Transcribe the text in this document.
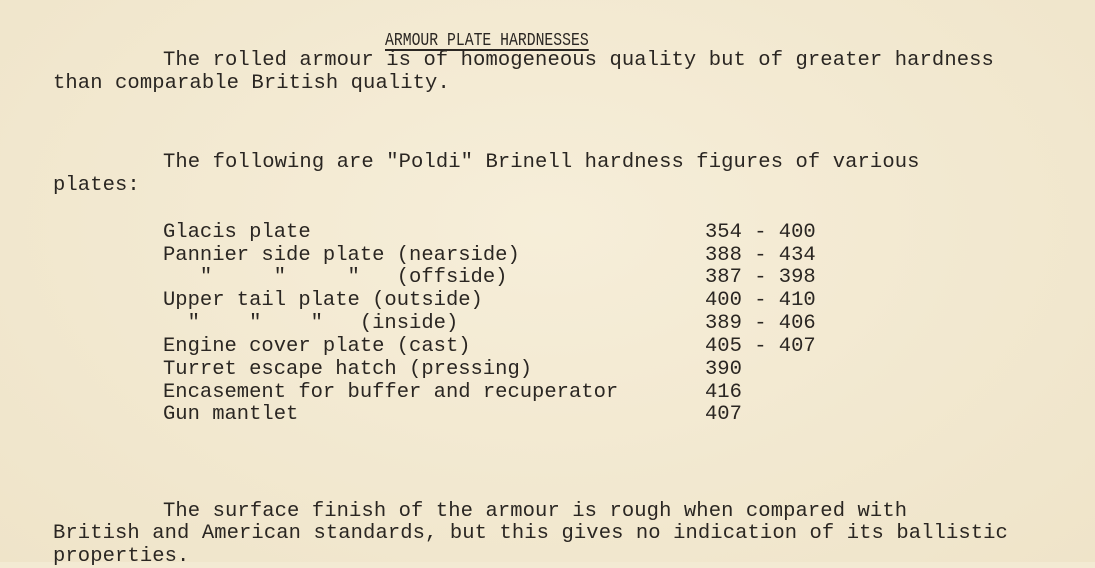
ARMOUR PLATE HARDNESSES
The rolled armour is of homogeneous quality but of greater hardness
than comparable British quality.
The following are "Poldi" Brinell hardness figures of various
plates:
Glacis plate	354 - 400
Pannier side plate (nearside)	388 - 434
"     "     "   (offside)	387 - 398
Upper tail plate (outside)	400 - 410
"    "    "   (inside)	389 - 406
Engine cover plate (cast)	405 - 407
Turret escape hatch (pressing)	390
Encasement for buffer and recuperator	416
Gun mantlet	407
The surface finish of the armour is rough when compared with
British and American standards, but this gives no indication of its ballistic
properties.
